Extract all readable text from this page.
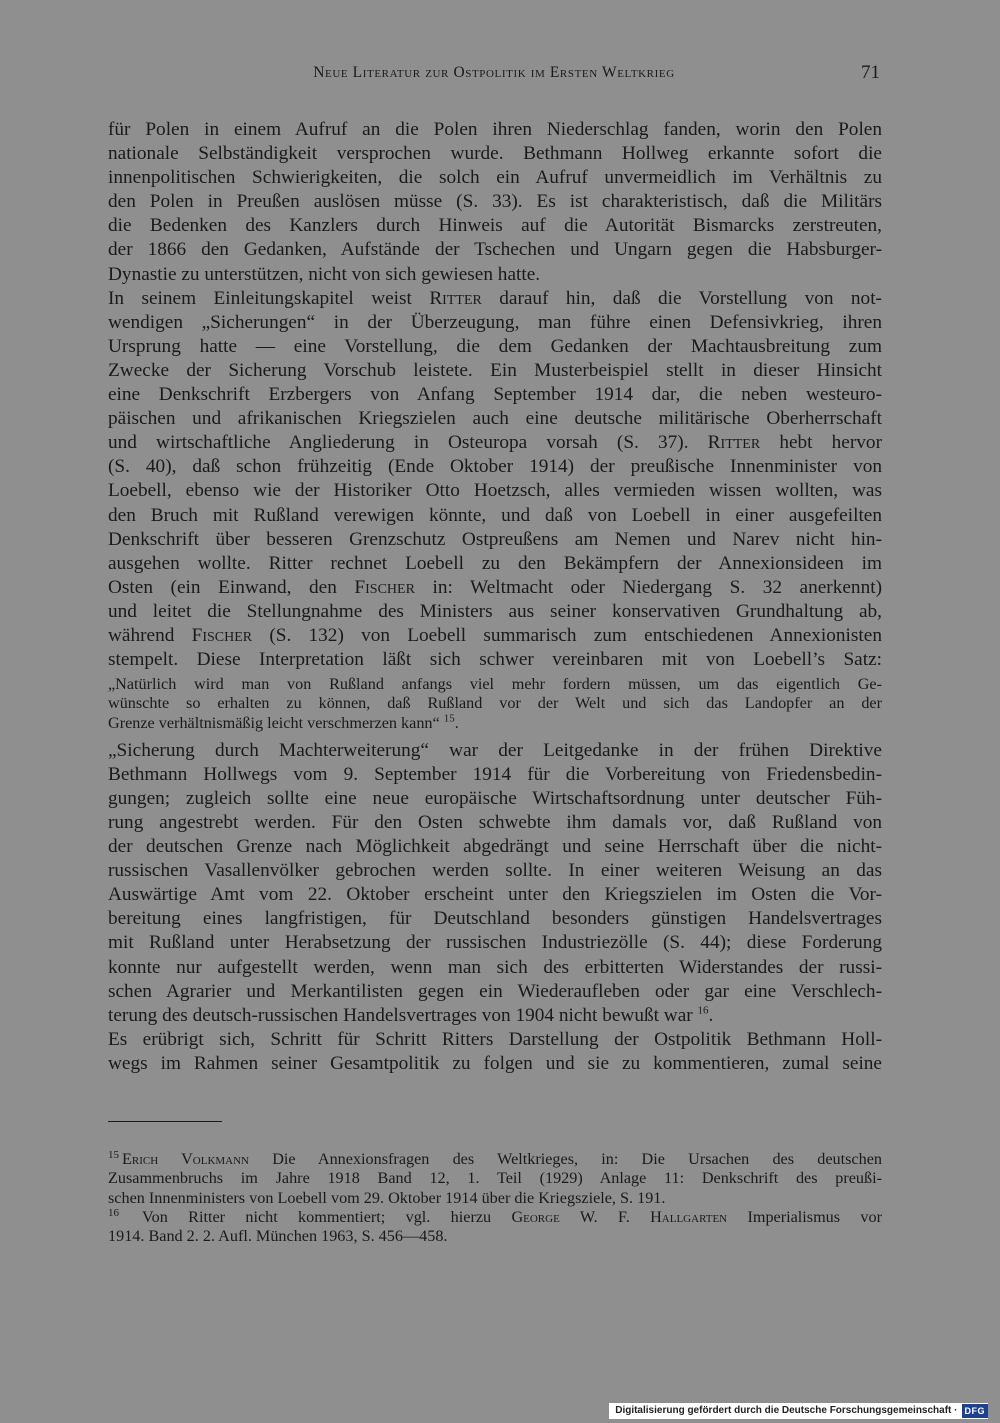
Neue Literatur zur Ostpolitik im Ersten Weltkrieg	71
für Polen in einem Aufruf an die Polen ihren Niederschlag fanden, worin den Polen
nationale Selbständigkeit versprochen wurde. Bethmann Hollweg erkannte sofort die
innenpolitischen Schwierigkeiten, die solch ein Aufruf unvermeidlich im Verhältnis zu
den Polen in Preußen auslösen müsse (S. 33). Es ist charakteristisch, daß die Militärs
die Bedenken des Kanzlers durch Hinweis auf die Autorität Bismarcks zerstreuten,
der 1866 den Gedanken, Aufstände der Tschechen und Ungarn gegen die Habsburger-
Dynastie zu unterstützen, nicht von sich gewiesen hatte.
In seinem Einleitungskapitel weist Ritter darauf hin, daß die Vorstellung von not-
wendigen „Sicherungen“ in der Überzeugung, man führe einen Defensivkrieg, ihren
Ursprung hatte — eine Vorstellung, die dem Gedanken der Machtausbreitung zum
Zwecke der Sicherung Vorschub leistete. Ein Musterbeispiel stellt in dieser Hinsicht
eine Denkschrift Erzbergers von Anfang September 1914 dar, die neben westeuro-
päischen und afrikanischen Kriegszielen auch eine deutsche militärische Oberherrschaft
und wirtschaftliche Angliederung in Osteuropa vorsah (S. 37). Ritter hebt hervor
(S. 40), daß schon frühzeitig (Ende Oktober 1914) der preußische Innenminister von
Loebell, ebenso wie der Historiker Otto Hoetzsch, alles vermieden wissen wollten, was
den Bruch mit Rußland verewigen könnte, und daß von Loebell in einer ausgefeilten
Denkschrift über besseren Grenzschutz Ostpreußens am Nemen und Narev nicht hin-
ausgehen wollte. Ritter rechnet Loebell zu den Bekämpfern der Annexionsideen im
Osten (ein Einwand, den Fischer in: Weltmacht oder Niedergang S. 32 anerkennt)
und leitet die Stellungnahme des Ministers aus seiner konservativen Grundhaltung ab,
während Fischer (S. 132) von Loebell summarisch zum entschiedenen Annexionisten
stempelt. Diese Interpretation läßt sich schwer vereinbaren mit von Loebell’s Satz:
„Natürlich wird man von Rußland anfangs viel mehr fordern müssen, um das eigentlich Ge-
wünschte so erhalten zu können, daß Rußland vor der Welt und sich das Landopfer an der
Grenze verhältnismäßig leicht verschmerzen kann“ $^{15}$.
„Sicherung durch Machterweiterung“ war der Leitgedanke in der frühen Direktive
Bethmann Hollwegs vom 9. September 1914 für die Vorbereitung von Friedensbedin-
gungen; zugleich sollte eine neue europäische Wirtschaftsordnung unter deutscher Füh-
rung angestrebt werden. Für den Osten schwebte ihm damals vor, daß Rußland von
der deutschen Grenze nach Möglichkeit abgedrängt und seine Herrschaft über die nicht-
russischen Vasallenvölker gebrochen werden sollte. In einer weiteren Weisung an das
Auswärtige Amt vom 22. Oktober erscheint unter den Kriegszielen im Osten die Vor-
bereitung eines langfristigen, für Deutschland besonders günstigen Handelsvertrages
mit Rußland unter Herabsetzung der russischen Industriezölle (S. 44); diese Forderung
konnte nur aufgestellt werden, wenn man sich des erbitterten Widerstandes der russi-
schen Agrarier und Merkantilisten gegen ein Wiederaufleben oder gar eine Verschlech-
terung des deutsch-russischen Handelsvertrages von 1904 nicht bewußt war $^{16}$.
Es erübrigt sich, Schritt für Schritt Ritters Darstellung der Ostpolitik Bethmann Holl-
wegs im Rahmen seiner Gesamtpolitik zu folgen und sie zu kommentieren, zumal seine
$^{15}$ Erich Volkmann Die Annexionsfragen des Weltkrieges, in: Die Ursachen des deutschen
Zusammenbruchs im Jahre 1918 Band 12, 1. Teil (1929) Anlage 11: Denkschrift des preußi-
schen Innenministers von Loebell vom 29. Oktober 1914 über die Kriegsziele, S. 191.
$^{16}$ Von Ritter nicht kommentiert; vgl. hierzu George W. F. Hallgarten Imperialismus vor
1914. Band 2. 2. Aufl. München 1963, S. 456—458.
Digitalisierung gefördert durch die Deutsche Forschungsgemeinschaft · DFG
